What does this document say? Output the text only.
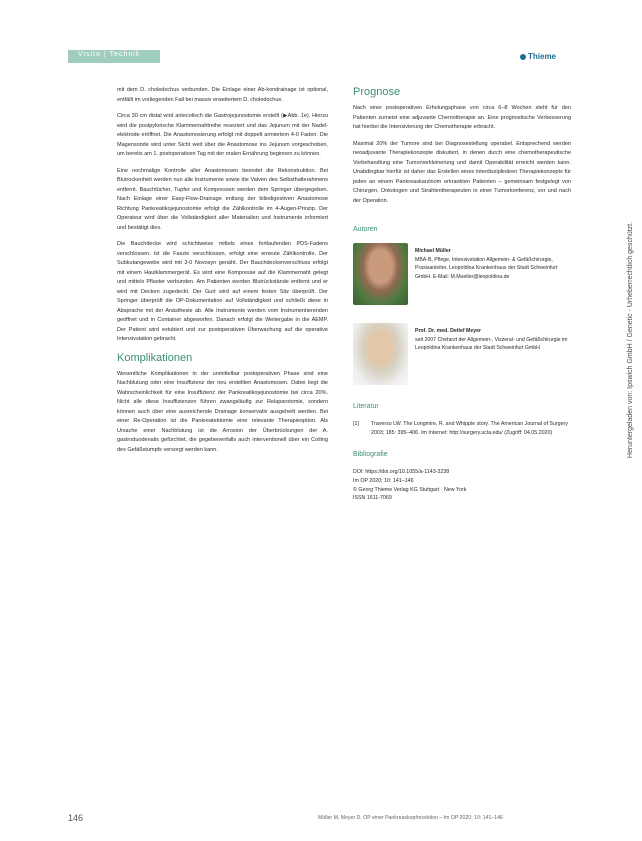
Visite | Technik	Thieme

mit dem D. choledochus verbunden. Die Einlage einer Ab-kondrainage ist optional, entfällt im vorliegenden Fall bei massiv erweitertem D. choledochus.

Circa 30 cm distal wird antecolisch die Gastrojejunostomie erstellt (▶Abb. 1e). Hierzu wird die postpylorische Klammernahtreihe reseziert und das Jejunum mit der Nadel-elektrode eröffnet. Die Anastomosierung erfolgt mit doppelt armiertem 4-0 Faden. Die Magensonde wird unter Sicht weit über die Anastomose ins Jejunum vorgeschoben, um bereits am 1. postoperativen Tag mit der oralen Ernährung beginnen zu können.

Eine nochmalige Kontrolle aller Anastomosen beendet die Rekonstruktion. Bei Blutrockenheit werden nun alle Instrumente sowie die Valven des Selbsthalterahmens entfernt. Bauchtücher, Tupfer und Kompressen werden dem Springer übergegeben. Nach Einlage einer Easy-Flow-Drainage entlang der biliodigestiven Anastomose Richtung Pankreatikojejunostomie erfolgt die Zählkontrolle im 4-Augen-Prinzip. Der Operateur wird über die Vollständigkeit aller Materialien und Instrumente informiert und bestätigt dies.

Die Bauchdecke wird schichtweise mittels eines fortlaufenden PDS-Fadens verschlossen. Ist die Faszie verschlossen, erfolgt eine erneute Zählkontrolle. Der Subkutangewebe wird mit 3-0 Novosyn genäht. Der Bauchdeckenverschluss erfolgt mit einem Hautklammergerät. Es wird eine Kompresse auf die Klammernaht gelegt und mittels Pflaster verbunden. Am Patienten werden Blutrückstände entfernt und er wird mit Decken zugedeckt. Der Gurt wird auf einem festen Sitz überprüft. Der Springer überprüft die OP-Dokumentation auf Vollständigkeit und schließt diese in Absprache mit der Anästhesie ab. Alle Instrumente werden vom Instrumentierenden geöffnet und in Container abgeworfen. Danach erfolgt die Weitergabe in die AEMP. Der Patient wird extubiert und zur postoperativen Überwachung auf die operative Intensivstation gebracht.

Komplikationen

Wesentliche Komplikationen in der unmittelbar postoperativen Phase sind eine Nachblutung oder eine Insuffizienz der neu erstellten Anastomosen. Dabei liegt die Wahrscheinlichkeit für eine Insuffizienz der Pankreatikojejunostomie bei circa 20%. Nicht alle diese Insuffizienzen führen zwangsläufig zur Relaparotomie, sondern können auch über eine ausreichende Drainage konservativ ausgeheilt werden. Bei einer Re-Operation ist die Pankreatektomie eine relevante Therapieoption. Als Ursache einer Nachblutung ist die Arrosion der Überbrückungen der A. gastroduodenalis gefürchtet, die gegebenenfalls auch interventionell über ein Coiling des Gefäßstumpfs versorgt werden kann.

Prognose

Nach einer postoperativen Erholungsphase von circa 6–8 Wochen steht für den Patienten zumeist eine adjuvante Chemotherapie an. Eine prognostische Verbesserung hat hierbei die Intensivierung der Chemotherapie erbracht.

Maximal 20% der Tumore sind bei Diagnosestellung operabel. Entsprechend werden neoadjuvante Therapiekonzepte diskutiert, in denen durch eine chemotherapeutische Vorbehandlung eine Tumorverkleinerung und damit Operabilität erreicht werden kann. Unabdingbar hierfür ist daher das Erstellen eines interdisziplinären Therapiekonzepts für jeden an einem Pankreaskarzinom erkrankten Patienten – gemeinsam festgelegt von Chirurgen, Onkologen und Strahlentherapeuten in einer Tumorkonferenz, vor und nach der Operation.

Autoren
Michael Müller
MBA-B, Pflege, Intensivstation Allgemein- & Gefäßchirurgie, Praxisanleiter, Leopoldina Krankenhaus der Stadt Schweinfurt GmbH. E-Mail: M.Mueller@leopoldina.de
Prof. Dr. med. Detlef Meyer
seit 2007 Chefarzt der Allgemein-, Viszeral- und Gefäßchirurgie im Leopoldina Krankenhaus der Stadt Schweinfurt GmbH
Literatur
[1]	Traverso LW. The Longmire, R. and Whipple story. The American Journal of Surgery 2003; 185: 395–406. Im Internet: http://surgery.ucla.edu/ (Zugriff: 04.05.2020)
Bibliografie
DOI: https://doi.org/10.1055/a-1143-3238
Im OP 2020; 10: 141–146
© Georg Thieme Verlag KG Stuttgart · New York
ISSN 1611-7069
Heruntergeladen von: Ipswich GmbH / Genetic - Urheberrechtlich geschützt.
146	Müller M, Meyer D. OP einer Pankreaskopfresektion – Im OP 2020; 10: 141–146
